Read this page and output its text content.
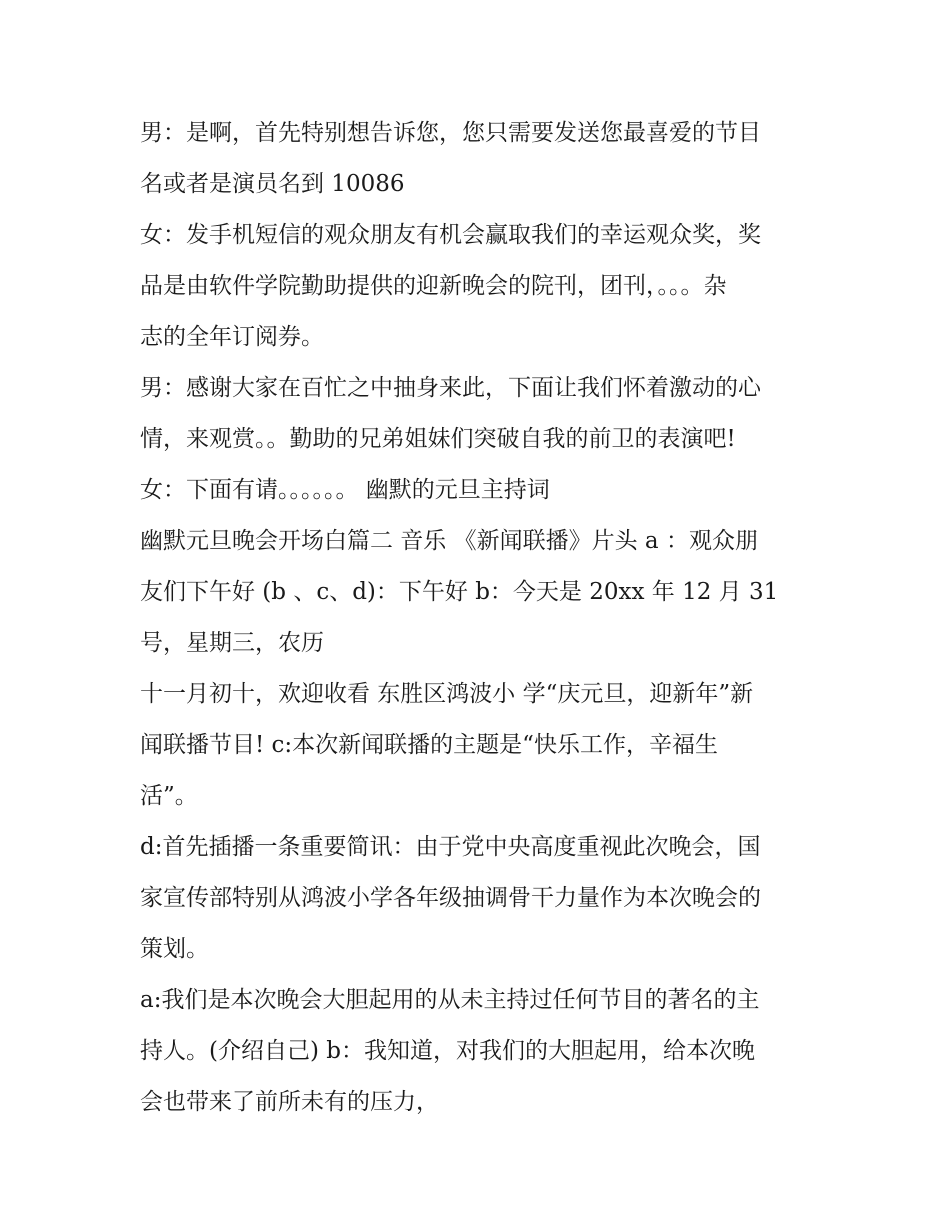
男：是啊，首先特别想告诉您，您只需要发送您最喜爱的节目
名或者是演员名到 10086
女：发手机短信的观众朋友有机会赢取我们的幸运观众奖，奖
品是由软件学院勤助提供的迎新晚会的院刊，团刊，。。。杂
志的全年订阅券。
男：感谢大家在百忙之中抽身来此，下面让我们怀着激动的心
情，来观赏。。勤助的兄弟姐妹们突破自我的前卫的表演吧!
女：下面有请。。。。。。 幽默的元旦主持词
幽默元旦晚会开场白篇二 音乐 《新闻联播》片头 a ：观众朋
友们下午好 (b 、c、d)：下午好 b：今天是 20xx 年 12 月 31
号，星期三，农历
十一月初十，欢迎收看 东胜区鸿波小 学“庆元旦，迎新年”新
闻联播节目! c:本次新闻联播的主题是“快乐工作，辛福生
活”。
d:首先插播一条重要简讯：由于党中央高度重视此次晚会，国
家宣传部特别从鸿波小学各年级抽调骨干力量作为本次晚会的
策划。
a:我们是本次晚会大胆起用的从未主持过任何节目的著名的主
持人。(介绍自己) b：我知道，对我们的大胆起用，给本次晚
会也带来了前所未有的压力，
